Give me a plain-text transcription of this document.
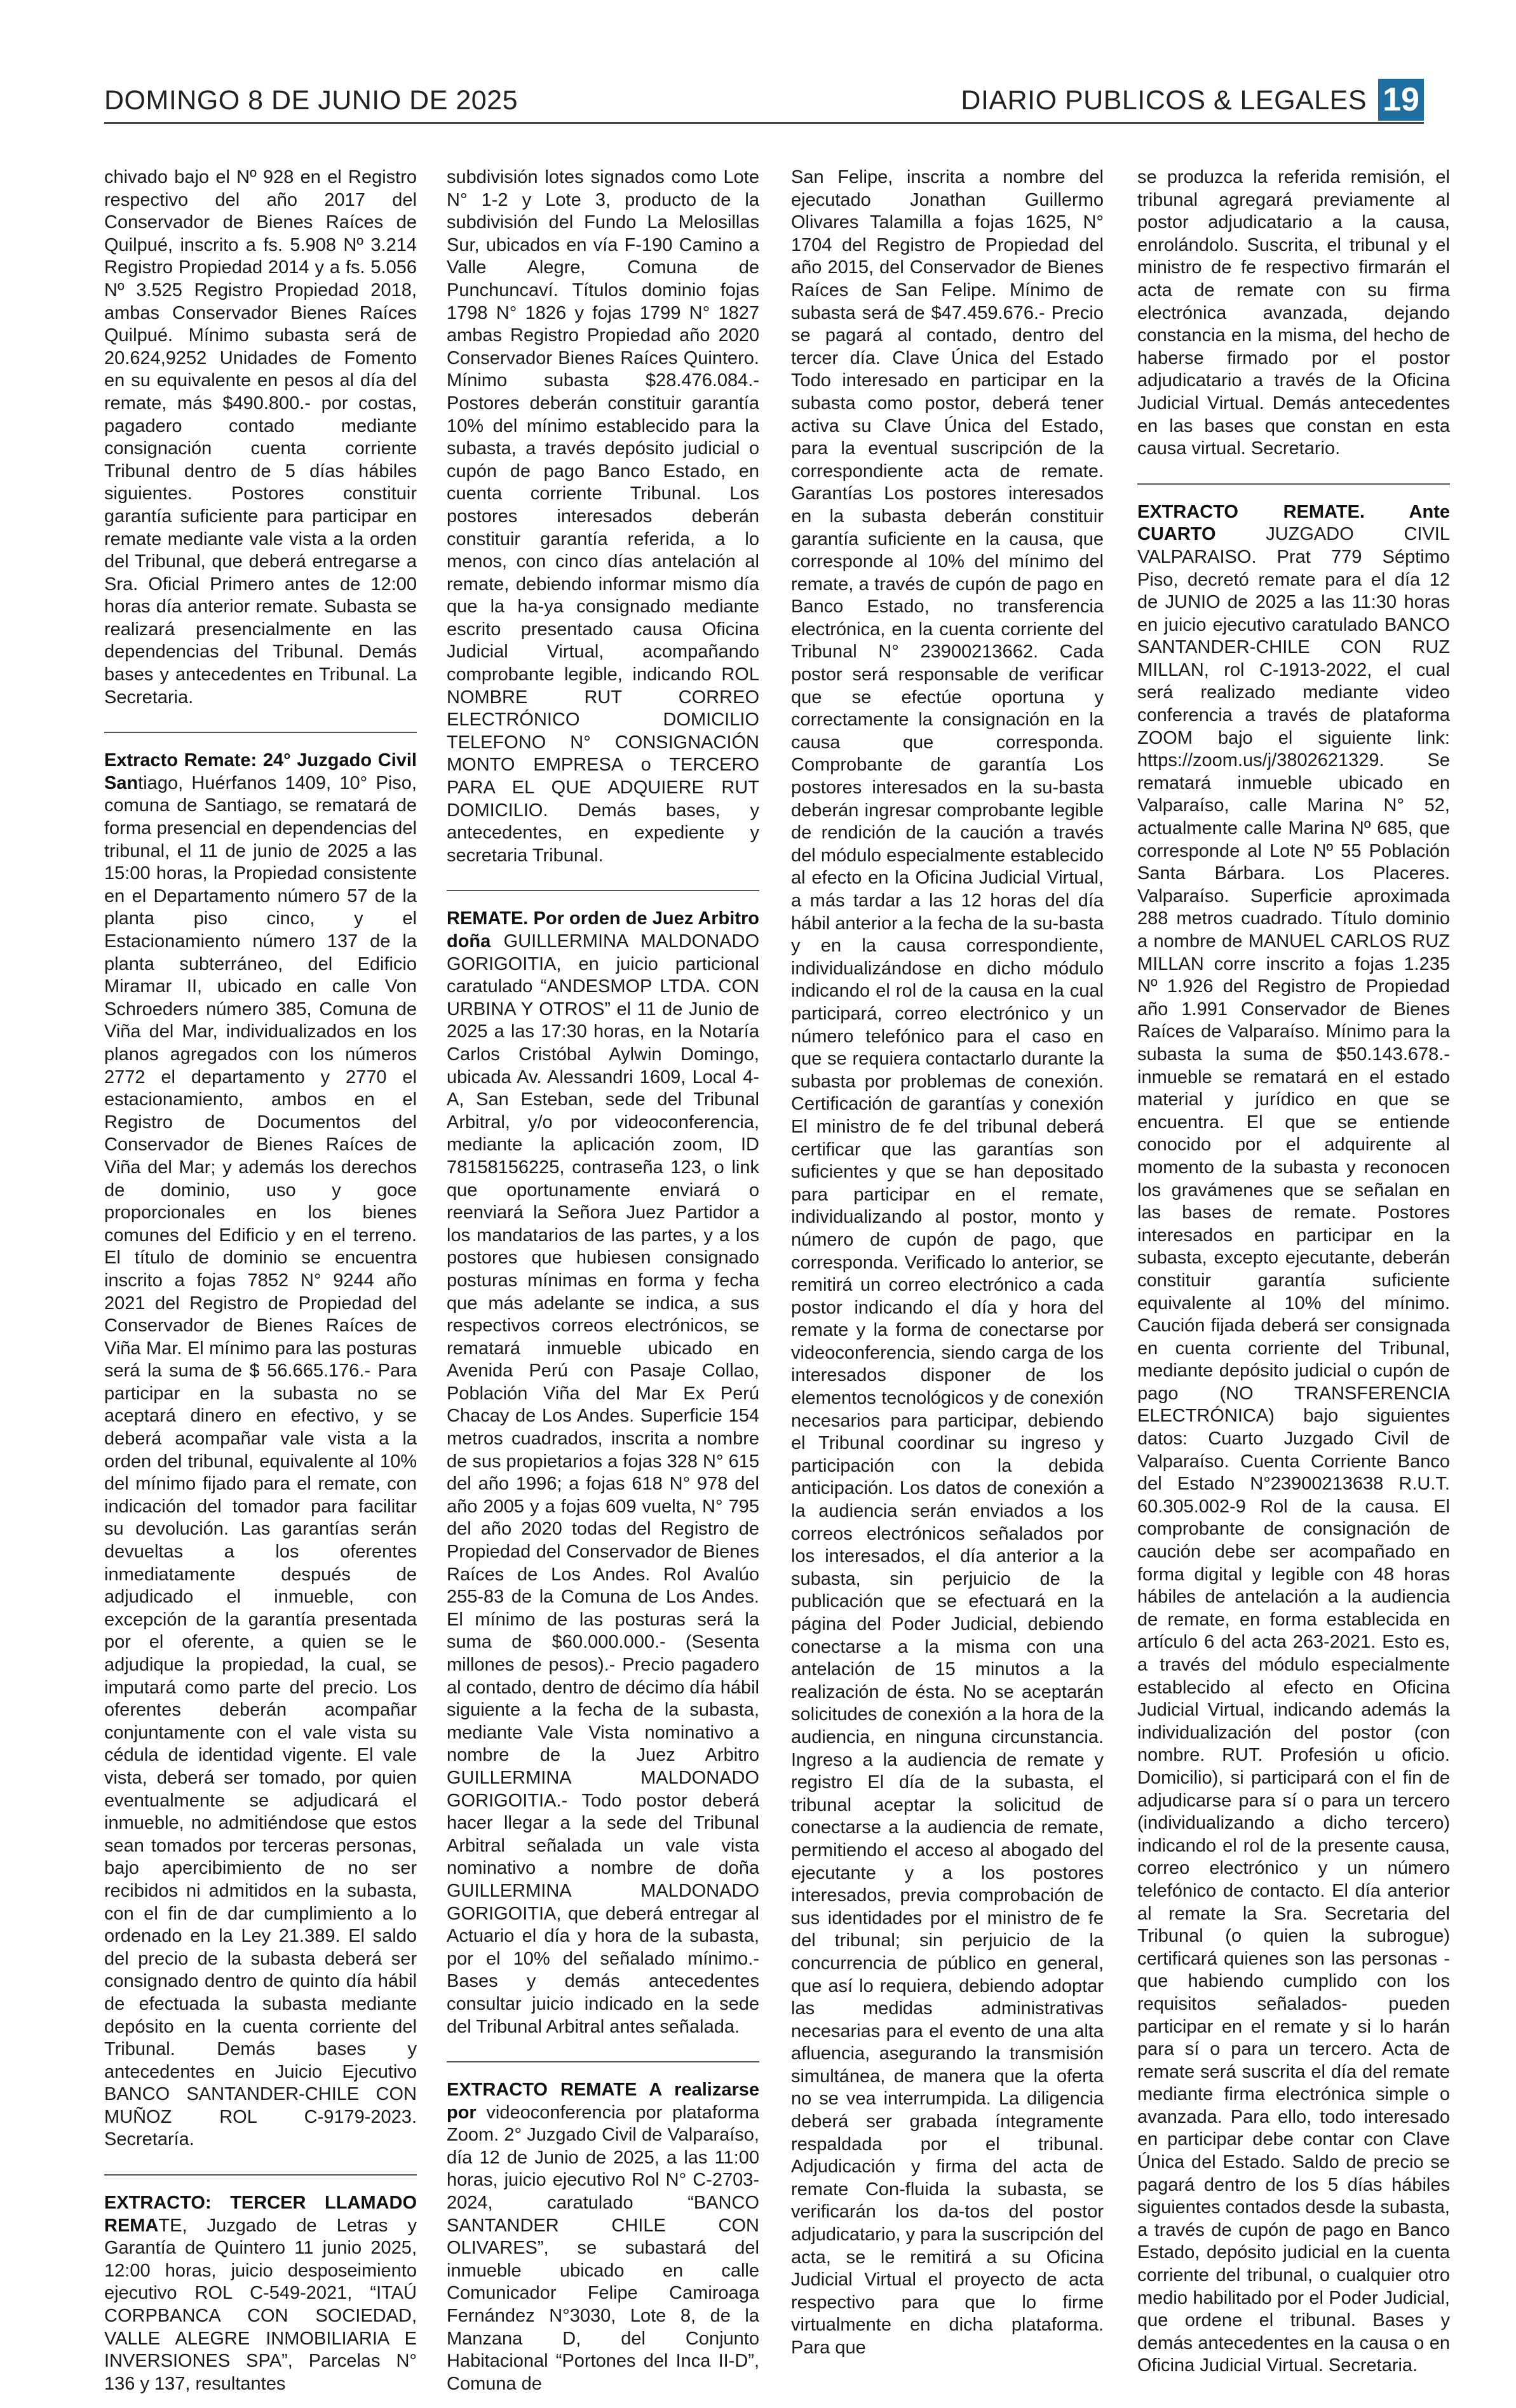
DOMINGO 8 DE JUNIO DE 2025	DIARIO PUBLICOS & LEGALES 19

chivado bajo el Nº 928 en el Registro respectivo del año 2017 del Conservador de Bienes Raíces de Quilpué, inscrito a fs. 5.908 Nº 3.214 Registro Propiedad 2014 y a fs. 5.056 Nº 3.525 Registro Propiedad 2018, ambas Conservador Bienes Raíces Quilpué. Mínimo subasta será de 20.624,9252 Unidades de Fomento en su equivalente en pesos al día del remate, más $490.800.- por costas, pagadero contado mediante consignación cuenta corriente Tribunal dentro de 5 días hábiles siguientes. Postores constituir garantía suficiente para participar en remate mediante vale vista a la orden del Tribunal, que deberá entregarse a Sra. Oficial Primero antes de 12:00 horas día anterior remate. Subasta se realizará presencialmente en las dependencias del Tribunal. Demás bases y antecedentes en Tribunal. La Secretaria.

Extracto Remate: 24° Juzgado Civil Santiago, Huérfanos 1409, 10° Piso, comuna de Santiago, se rematará de forma presencial en dependencias del tribunal, el 11 de junio de 2025 a las 15:00 horas, la Propiedad consistente en el Departamento número 57 de la planta piso cinco, y el Estacionamiento número 137 de la planta subterráneo, del Edificio Miramar II, ubicado en calle Von Schroeders número 385, Comuna de Viña del Mar, individualizados en los planos agregados con los números 2772 el departamento y 2770 el estacionamiento, ambos en el Registro de Documentos del Conservador de Bienes Raíces de Viña del Mar; y además los derechos de dominio, uso y goce proporcionales en los bienes comunes del Edificio y en el terreno. El título de dominio se encuentra inscrito a fojas 7852 N° 9244 año 2021 del Registro de Propiedad del Conservador de Bienes Raíces de Viña Mar. El mínimo para las posturas será la suma de $ 56.665.176.- Para participar en la subasta no se aceptará dinero en efectivo, y se deberá acompañar vale vista a la orden del tribunal, equivalente al 10% del mínimo fijado para el remate, con indicación del tomador para facilitar su devolución. Las garantías serán devueltas a los oferentes inmediatamente después de adjudicado el inmueble, con excepción de la garantía presentada por el oferente, a quien se le adjudique la propiedad, la cual, se imputará como parte del precio. Los oferentes deberán acompañar conjuntamente con el vale vista su cédula de identidad vigente. El vale vista, deberá ser tomado, por quien eventualmente se adjudicará el inmueble, no admitiéndose que estos sean tomados por terceras personas, bajo apercibimiento de no ser recibidos ni admitidos en la subasta, con el fin de dar cumplimiento a lo ordenado en la Ley 21.389. El saldo del precio de la subasta deberá ser consignado dentro de quinto día hábil de efectuada la subasta mediante depósito en la cuenta corriente del Tribunal. Demás bases y antecedentes en Juicio Ejecutivo BANCO SANTANDER-CHILE CON MUÑOZ ROL C-9179-2023. Secretaría.

EXTRACTO: TERCER LLAMADO REMATE, Juzgado de Letras y Garantía de Quintero 11 junio 2025, 12:00 horas, juicio desposeimiento ejecutivo ROL C-549-2021, “ITAÚ CORPBANCA CON SOCIEDAD, VALLE ALEGRE INMOBILIARIA E INVERSIONES SPA”, Parcelas N° 136 y 137, resultantes

subdivisión lotes signados como Lote N° 1-2 y Lote 3, producto de la subdivisión del Fundo La Melosillas Sur, ubicados en vía F-190 Camino a Valle Alegre, Comuna de Punchuncaví. Títulos dominio fojas 1798 N° 1826 y fojas 1799 N° 1827 ambas Registro Propiedad año 2020 Conservador Bienes Raíces Quintero. Mínimo subasta $28.476.084.- Postores deberán constituir garantía 10% del mínimo establecido para la subasta, a través depósito judicial o cupón de pago Banco Estado, en cuenta corriente Tribunal. Los postores interesados deberán constituir garantía referida, a lo menos, con cinco días antelación al remate, debiendo informar mismo día que la ha-ya consignado mediante escrito presentado causa Oficina Judicial Virtual, acompañando comprobante legible, indicando ROL NOMBRE RUT CORREO ELECTRÓNICO DOMICILIO TELEFONO N° CONSIGNACIÓN MONTO EMPRESA o TERCERO PARA EL QUE ADQUIERE RUT DOMICILIO. Demás bases, y antecedentes, en expediente y secretaria Tribunal.

REMATE. Por orden de Juez Arbitro doña GUILLERMINA MALDONADO GORIGOITIA, en juicio particional caratulado “ANDESMOP LTDA. CON URBINA Y OTROS” el 11 de Junio de 2025 a las 17:30 horas, en la Notaría Carlos Cristóbal Aylwin Domingo, ubicada Av. Alessandri 1609, Local 4-A, San Esteban, sede del Tribunal Arbitral, y/o por videoconferencia, mediante la aplicación zoom, ID 78158156225, contraseña 123, o link que oportunamente enviará o reenviará la Señora Juez Partidor a los mandatarios de las partes, y a los postores que hubiesen consignado posturas mínimas en forma y fecha que más adelante se indica, a sus respectivos correos electrónicos, se rematará inmueble ubicado en Avenida Perú con Pasaje Collao, Población Viña del Mar Ex Perú Chacay de Los Andes. Superficie 154 metros cuadrados, inscrita a nombre de sus propietarios a fojas 328 N° 615 del año 1996; a fojas 618 N° 978 del año 2005 y a fojas 609 vuelta, N° 795 del año 2020 todas del Registro de Propiedad del Conservador de Bienes Raíces de Los Andes. Rol Avalúo 255-83 de la Comuna de Los Andes. El mínimo de las posturas será la suma de $60.000.000.- (Sesenta millones de pesos).- Precio pagadero al contado, dentro de décimo día hábil siguiente a la fecha de la subasta, mediante Vale Vista nominativo a nombre de la Juez Arbitro GUILLERMINA MALDONADO GORIGOITIA.- Todo postor deberá hacer llegar a la sede del Tribunal Arbitral señalada un vale vista nominativo a nombre de doña GUILLERMINA MALDONADO GORIGOITIA, que deberá entregar al Actuario el día y hora de la subasta, por el 10% del señalado mínimo.- Bases y demás antecedentes consultar juicio indicado en la sede del Tribunal Arbitral antes señalada.

EXTRACTO REMATE A realizarse por videoconferencia por plataforma Zoom. 2° Juzgado Civil de Valparaíso, día 12 de Junio de 2025, a las 11:00 horas, juicio ejecutivo Rol N° C-2703-2024, caratulado “BANCO SANTANDER CHILE CON OLIVARES”, se subastará del inmueble ubicado en calle Comunicador Felipe Camiroaga Fernández N°3030, Lote 8, de la Manzana D, del Conjunto Habitacional “Portones del Inca II-D”, Comuna de

San Felipe, inscrita a nombre del ejecutado Jonathan Guillermo Olivares Talamilla a fojas 1625, N° 1704 del Registro de Propiedad del año 2015, del Conservador de Bienes Raíces de San Felipe. Mínimo de subasta será de $47.459.676.- Precio se pagará al contado, dentro del tercer día. Clave Única del Estado Todo interesado en participar en la subasta como postor, deberá tener activa su Clave Única del Estado, para la eventual suscripción de la correspondiente acta de remate. Garantías Los postores interesados en la subasta deberán constituir garantía suficiente en la causa, que corresponde al 10% del mínimo del remate, a través de cupón de pago en Banco Estado, no transferencia electrónica, en la cuenta corriente del Tribunal N° 23900213662. Cada postor será responsable de verificar que se efectúe oportuna y correctamente la consignación en la causa que corresponda. Comprobante de garantía Los postores interesados en la su-basta deberán ingresar comprobante legible de rendición de la caución a través del módulo especialmente establecido al efecto en la Oficina Judicial Virtual, a más tardar a las 12 horas del día hábil anterior a la fecha de la su-basta y en la causa correspondiente, individualizándose en dicho módulo indicando el rol de la causa en la cual participará, correo electrónico y un número telefónico para el caso en que se requiera contactarlo durante la subasta por problemas de conexión. Certificación de garantías y conexión El ministro de fe del tribunal deberá certificar que las garantías son suficientes y que se han depositado para participar en el remate, individualizando al postor, monto y número de cupón de pago, que corresponda. Verificado lo anterior, se remitirá un correo electrónico a cada postor indicando el día y hora del remate y la forma de conectarse por videoconferencia, siendo carga de los interesados disponer de los elementos tecnológicos y de conexión necesarios para participar, debiendo el Tribunal coordinar su ingreso y participación con la debida anticipación. Los datos de conexión a la audiencia serán enviados a los correos electrónicos señalados por los interesados, el día anterior a la subasta, sin perjuicio de la publicación que se efectuará en la página del Poder Judicial, debiendo conectarse a la misma con una antelación de 15 minutos a la realización de ésta. No se aceptarán solicitudes de conexión a la hora de la audiencia, en ninguna circunstancia. Ingreso a la audiencia de remate y registro El día de la subasta, el tribunal aceptar la solicitud de conectarse a la audiencia de remate, permitiendo el acceso al abogado del ejecutante y a los postores interesados, previa comprobación de sus identidades por el ministro de fe del tribunal; sin perjuicio de la concurrencia de público en general, que así lo requiera, debiendo adoptar las medidas administrativas necesarias para el evento de una alta afluencia, asegurando la transmisión simultánea, de manera que la oferta no se vea interrumpida. La diligencia deberá ser grabada íntegramente respaldada por el tribunal. Adjudicación y firma del acta de remate Con-fluida la subasta, se verificarán los da-tos del postor adjudicatario, y para la suscripción del acta, se le remitirá a su Oficina Judicial Virtual el proyecto de acta respectivo para que lo firme virtualmente en dicha plataforma. Para que

se produzca la referida remisión, el tribunal agregará previamente al postor adjudicatario a la causa, enrolándolo. Suscrita, el tribunal y el ministro de fe respectivo firmarán el acta de remate con su firma electrónica avanzada, dejando constancia en la misma, del hecho de haberse firmado por el postor adjudicatario a través de la Oficina Judicial Virtual. Demás antecedentes en las bases que constan en esta causa virtual. Secretario.

EXTRACTO REMATE. Ante CUARTO JUZGADO CIVIL VALPARAISO. Prat 779 Séptimo Piso, decretó remate para el día 12 de JUNIO de 2025 a las 11:30 horas en juicio ejecutivo caratulado BANCO SANTANDER-CHILE CON RUZ MILLAN, rol C-1913-2022, el cual será realizado mediante video conferencia a través de plataforma ZOOM bajo el siguiente link: https://zoom.us/j/3802621329. Se rematará inmueble ubicado en Valparaíso, calle Marina N° 52, actualmente calle Marina Nº 685, que corresponde al Lote Nº 55 Población Santa Bárbara. Los Placeres. Valparaíso. Superficie aproximada 288 metros cuadrado. Título dominio a nombre de MANUEL CARLOS RUZ MILLAN corre inscrito a fojas 1.235 Nº 1.926 del Registro de Propiedad año 1.991 Conservador de Bienes Raíces de Valparaíso. Mínimo para la subasta la suma de $50.143.678.- inmueble se rematará en el estado material y jurídico en que se encuentra. El que se entiende conocido por el adquirente al momento de la subasta y reconocen los gravámenes que se señalan en las bases de remate. Postores interesados en participar en la subasta, excepto ejecutante, deberán constituir garantía suficiente equivalente al 10% del mínimo. Caución fijada deberá ser consignada en cuenta corriente del Tribunal, mediante depósito judicial o cupón de pago (NO TRANSFERENCIA ELECTRÓNICA) bajo siguientes datos: Cuarto Juzgado Civil de Valparaíso. Cuenta Corriente Banco del Estado N°23900213638 R.U.T. 60.305.002-9 Rol de la causa. El comprobante de consignación de caución debe ser acompañado en forma digital y legible con 48 horas hábiles de antelación a la audiencia de remate, en forma establecida en artículo 6 del acta 263-2021. Esto es, a través del módulo especialmente establecido al efecto en Oficina Judicial Virtual, indicando además la individualización del postor (con nombre. RUT. Profesión u oficio. Domicilio), si participará con el fin de adjudicarse para sí o para un tercero (individualizando a dicho tercero) indicando el rol de la presente causa, correo electrónico y un número telefónico de contacto. El día anterior al remate la Sra. Secretaria del Tribunal (o quien la subrogue) certificará quienes son las personas -que habiendo cumplido con los requisitos señalados- pueden participar en el remate y si lo harán para sí o para un tercero. Acta de remate será suscrita el día del remate mediante firma electrónica simple o avanzada. Para ello, todo interesado en participar debe contar con Clave Única del Estado. Saldo de precio se pagará dentro de los 5 días hábiles siguientes contados desde la subasta, a través de cupón de pago en Banco Estado, depósito judicial en la cuenta corriente del tribunal, o cualquier otro medio habilitado por el Poder Judicial, que ordene el tribunal. Bases y demás antecedentes en la causa o en Oficina Judicial Virtual. Secretaria.
